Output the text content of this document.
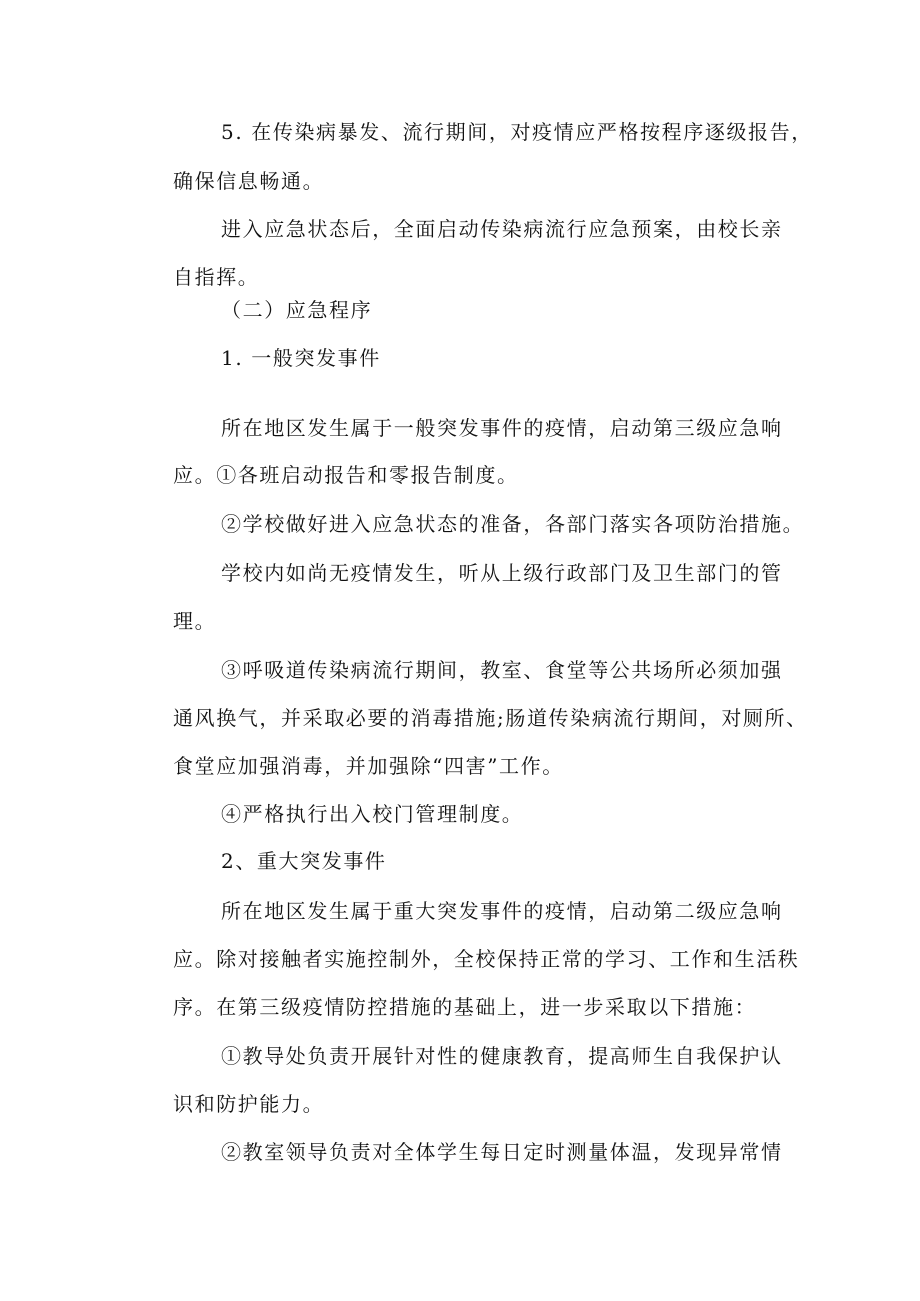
5. 在传染病暴发、流行期间，对疫情应严格按程序逐级报告，

确保信息畅通。

进入应急状态后，全面启动传染病流行应急预案，由校长亲

自指挥。

（二）应急程序

1. 一般突发事件

所在地区发生属于一般突发事件的疫情，启动第三级应急响

应。①各班启动报告和零报告制度。

②学校做好进入应急状态的准备，各部门落实各项防治措施。

学校内如尚无疫情发生，听从上级行政部门及卫生部门的管

理。

③呼吸道传染病流行期间，教室、食堂等公共场所必须加强

通风换气，并采取必要的消毒措施;肠道传染病流行期间，对厕所、

食堂应加强消毒，并加强除“四害”工作。

④严格执行出入校门管理制度。

2、重大突发事件

所在地区发生属于重大突发事件的疫情，启动第二级应急响

应。除对接触者实施控制外，全校保持正常的学习、工作和生活秩

序。在第三级疫情防控措施的基础上，进一步采取以下措施：

①教导处负责开展针对性的健康教育，提高师生自我保护认

识和防护能力。

②教室领导负责对全体学生每日定时测量体温，发现异常情
